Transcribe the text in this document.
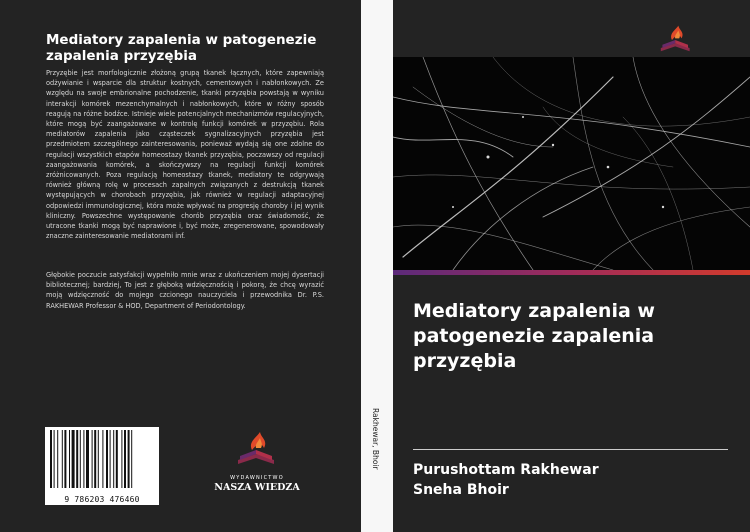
Mediatory zapalenia w patogenezie zapalenia przyzębia
Przyzębie jest morfologicznie złożoną grupą tkanek łącznych, które zapewniają odżywianie i wsparcie dla struktur kostnych, cementowych i nabłonkowych. Ze względu na swoje embrionalne pochodzenie, tkanki przyzębia powstają w wyniku interakcji komórek mezenchymalnych i nabłonkowych, które w różny sposób reagują na różne bodźce. Istnieje wiele potencjalnych mechanizmów regulacyjnych, które mogą być zaangażowane w kontrolę funkcji komórek w przyzębiu. Rola mediatorów zapalenia jako cząsteczek sygnalizacyjnych przyzębia jest przedmiotem szczególnego zainteresowania, ponieważ wydają się one zdolne do regulacji wszystkich etapów homeostazy tkanek przyzębia, poczawszy od regulacji zaangażowania komórek, a skończywszy na regulacji funkcji komórek zróżnicowanych. Poza regulacją homeostazy tkanek, mediatory te odgrywają również główną rolę w procesach zapalnych związanych z destrukcją tkanek występujących w chorobach przyzębia, jak również w regulacji adaptacyjnej odpowiedzi immunologicznej, która może wpływać na progresję choroby i jej wynik kliniczny. Powszechne występowanie chorób przyzębia oraz świadomość, że utracone tkanki mogą być naprawione i, być może, zregenerowane, spowodowały znaczne zainteresowanie mediatorami inf.
Głębokie poczucie satysfakcji wypełniło mnie wraz z ukończeniem mojej dysertacji bibliotecznej; bardziej, To jest z głęboką wdzięcznością i pokorą, że chcę wyrazić moją wdzięczność do mojego czcionego nauczyciela i przewodnika Dr. P.S. RAKHEWAR Professor & HOD, Department of Periodontology.
9 786203 476460
WYDAWNICTWO
NASZA WIEDZA
Rakhewar, Bhoir
Mediatory zapalenia w patogenezie zapalenia przyzębia
Purushottam Rakhewar
Sneha Bhoir
